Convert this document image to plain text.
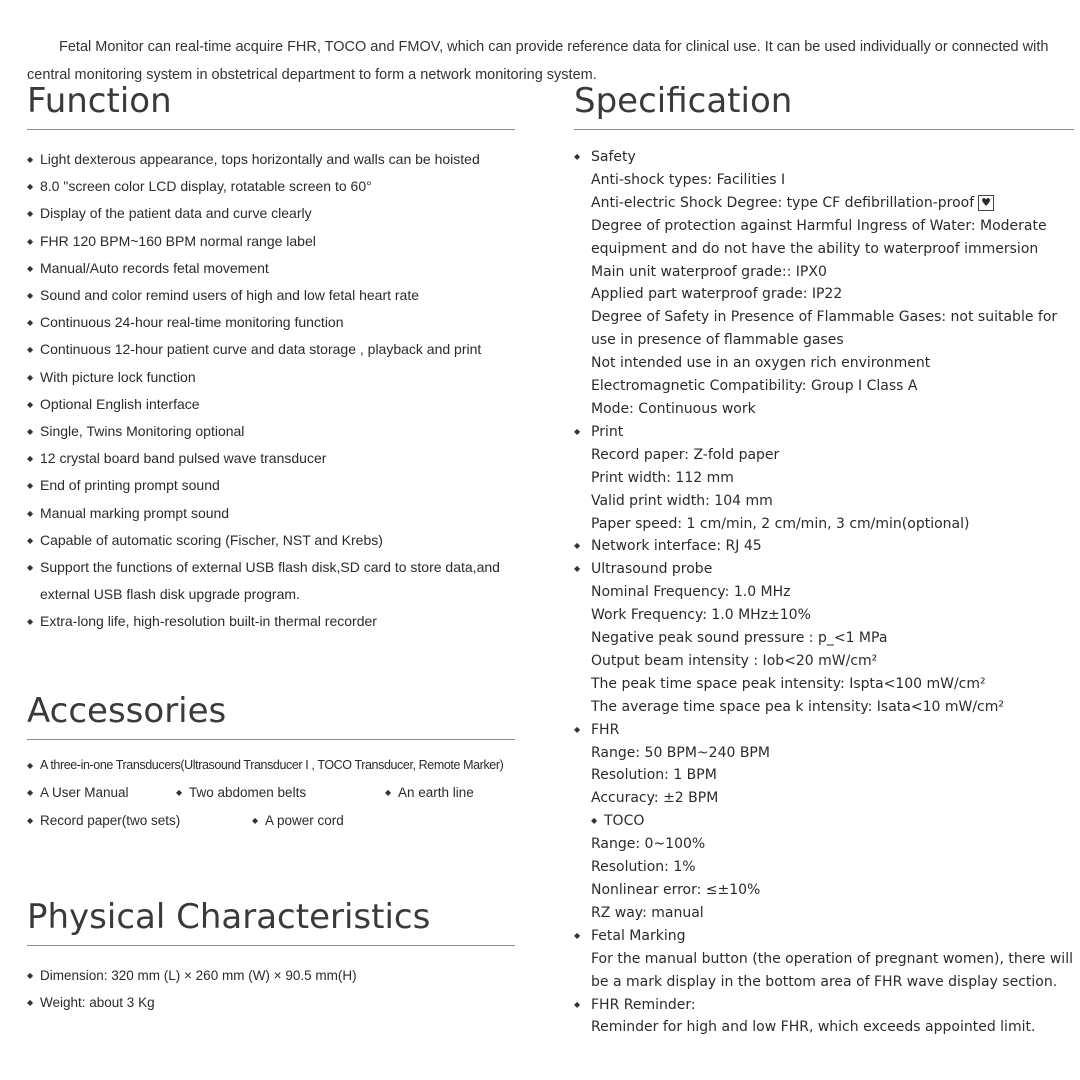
Fetal Monitor can real-time acquire FHR, TOCO and FMOV, which can provide reference data for clinical use. It can be used individually or connected with central monitoring system in obstetrical department to form a network monitoring system.

Function
◆ Light dexterous appearance, tops horizontally and walls can be hoisted
◆ 8.0 "screen color LCD display, rotatable screen to 60°
◆ Display of the patient data and curve clearly
◆ FHR 120 BPM~160 BPM normal range label
◆ Manual/Auto records fetal movement
◆ Sound and color remind users of high and low fetal heart rate
◆ Continuous 24-hour real-time monitoring function
◆ Continuous 12-hour patient curve and data storage , playback and print
◆ With picture lock function
◆ Optional English interface
◆ Single, Twins Monitoring optional
◆ 12 crystal board band pulsed wave transducer
◆ End of printing prompt sound
◆ Manual marking prompt sound
◆ Capable of automatic scoring (Fischer, NST and Krebs)
◆ Support the functions of external USB flash disk,SD card to store data,and external USB flash disk upgrade program.
◆ Extra-long life, high-resolution built-in thermal recorder
Accessories
◆ A three-in-one Transducers(Ultrasound Transducer I , TOCO Transducer, Remote Marker)
◆ A User Manual	◆ Two abdomen belts	◆ An earth line
◆ Record paper(two sets)	◆ A power cord
Physical Characteristics
◆ Dimension: 320 mm (L) × 260 mm (W) × 90.5 mm(H)
◆ Weight: about 3 Kg
Specification
◆ Safety
Anti-shock types: Facilities I
Anti-electric Shock Degree: type CF defibrillation-proof ♥
Degree of protection against Harmful Ingress of Water: Moderate equipment and do not have the ability to waterproof immersion
Main unit waterproof grade:: IPX0
Applied part waterproof grade: IP22
Degree of Safety in Presence of Flammable Gases: not suitable for use in presence of flammable gases
Not intended use in an oxygen rich environment
Electromagnetic Compatibility: Group I Class A
Mode: Continuous work
◆ Print
Record paper: Z-fold paper
Print width: 112 mm
Valid print width: 104 mm
Paper speed: 1 cm/min, 2 cm/min, 3 cm/min(optional)
◆ Network interface: RJ 45
◆ Ultrasound probe
Nominal Frequency: 1.0 MHz
Work Frequency: 1.0 MHz±10%
Negative peak sound pressure : p_<1 MPa
Output beam intensity : Iob<20 mW/cm²
The peak time space peak intensity: Ispta<100 mW/cm²
The average time space pea k intensity: Isata<10 mW/cm²
◆ FHR
Range: 50 BPM~240 BPM
Resolution: 1 BPM
Accuracy: ±2 BPM
◆ TOCO
Range: 0~100%
Resolution: 1%
Nonlinear error: ≤±10%
RZ way: manual
◆ Fetal Marking
For the manual button (the operation of pregnant women), there will be a mark display in the bottom area of FHR wave display section.
◆ FHR Reminder:
Reminder for high and low FHR, which exceeds appointed limit.
